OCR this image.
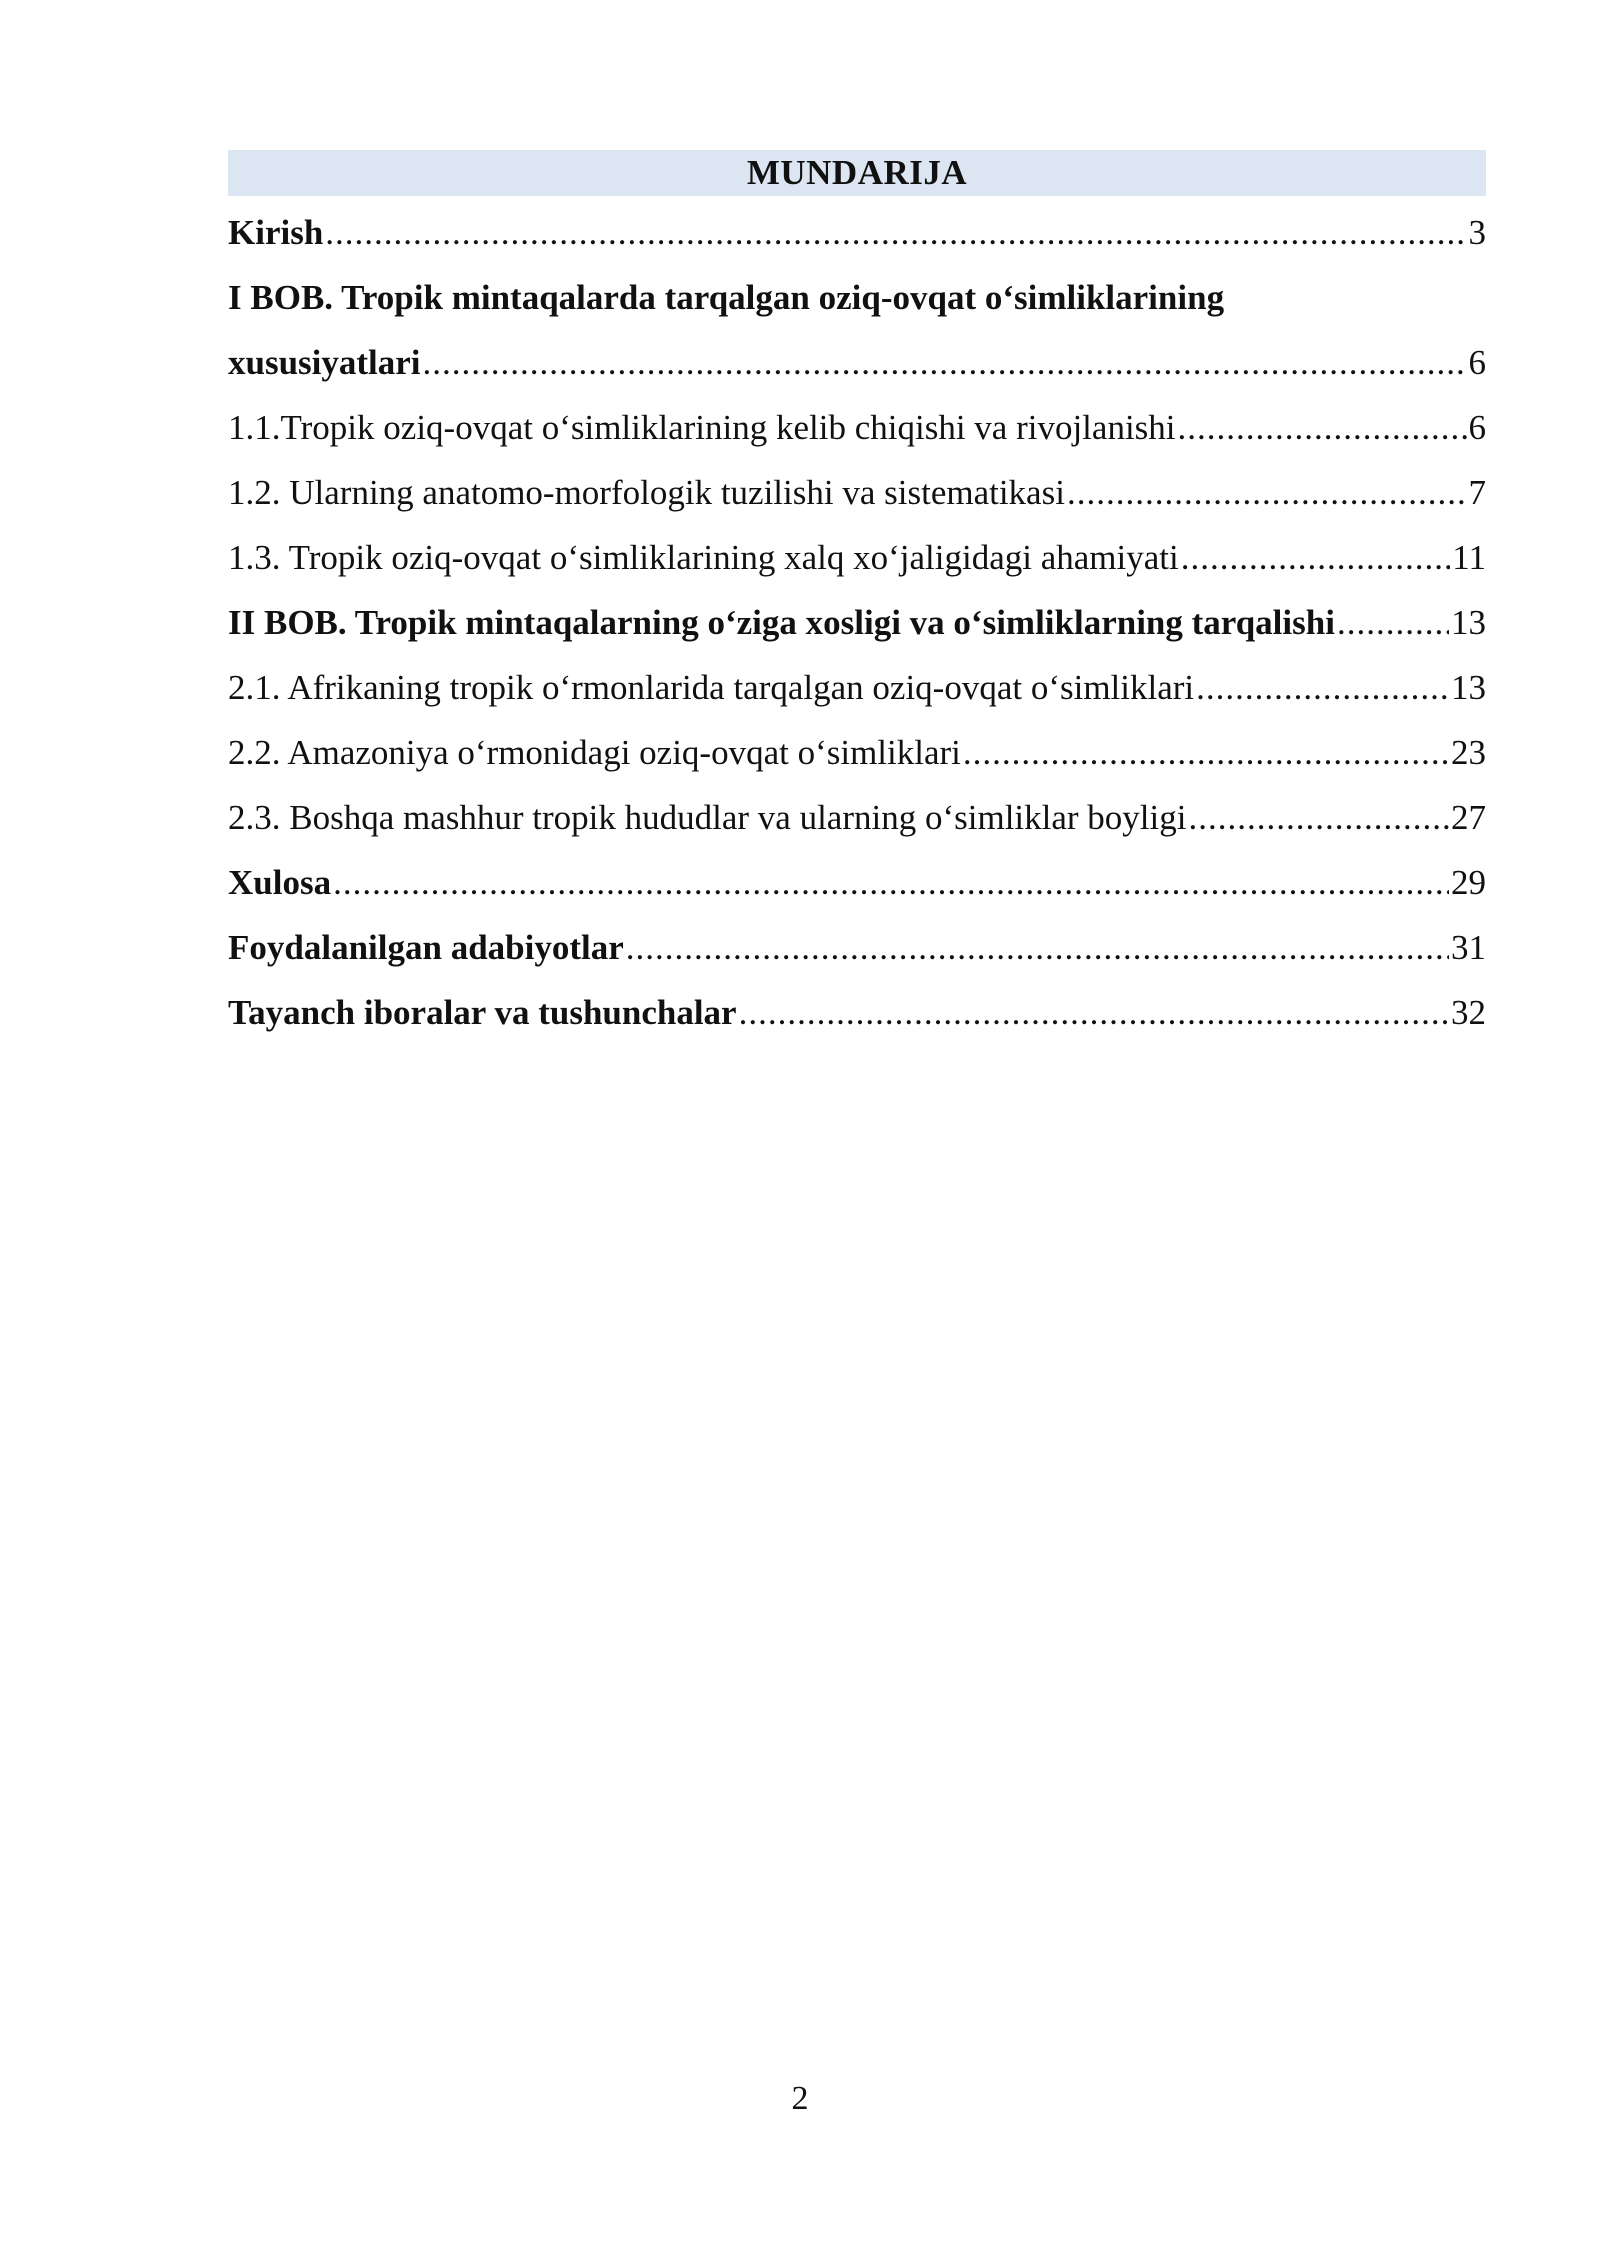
MUNDARIJA
Kirish .....	3
I BOB. Tropik mintaqalarda tarqalgan oziq-ovqat o‘simliklarining
xususiyatlari .....	6
1.1.Tropik oziq-ovqat o‘simliklarining kelib chiqishi va rivojlanishi .....	6
1.2. Ularning anatomo-morfologik tuzilishi va sistematikasi .....	7
1.3. Tropik oziq-ovqat o‘simliklarining xalq xo‘jaligidagi ahamiyati .....	11
II BOB. Tropik mintaqalarning o‘ziga xosligi va o‘simliklarning tarqalishi .....	13
2.1. Afrikaning tropik o‘rmonlarida tarqalgan oziq-ovqat o‘simliklari .....	13
2.2. Amazoniya o‘rmonidagi oziq-ovqat o‘simliklari .....	23
2.3. Boshqa mashhur tropik hududlar va ularning o‘simliklar boyligi .....	27
Xulosa .....	29
Foydalanilgan adabiyotlar .....	31
Tayanch iboralar va tushunchalar .....	32
2
